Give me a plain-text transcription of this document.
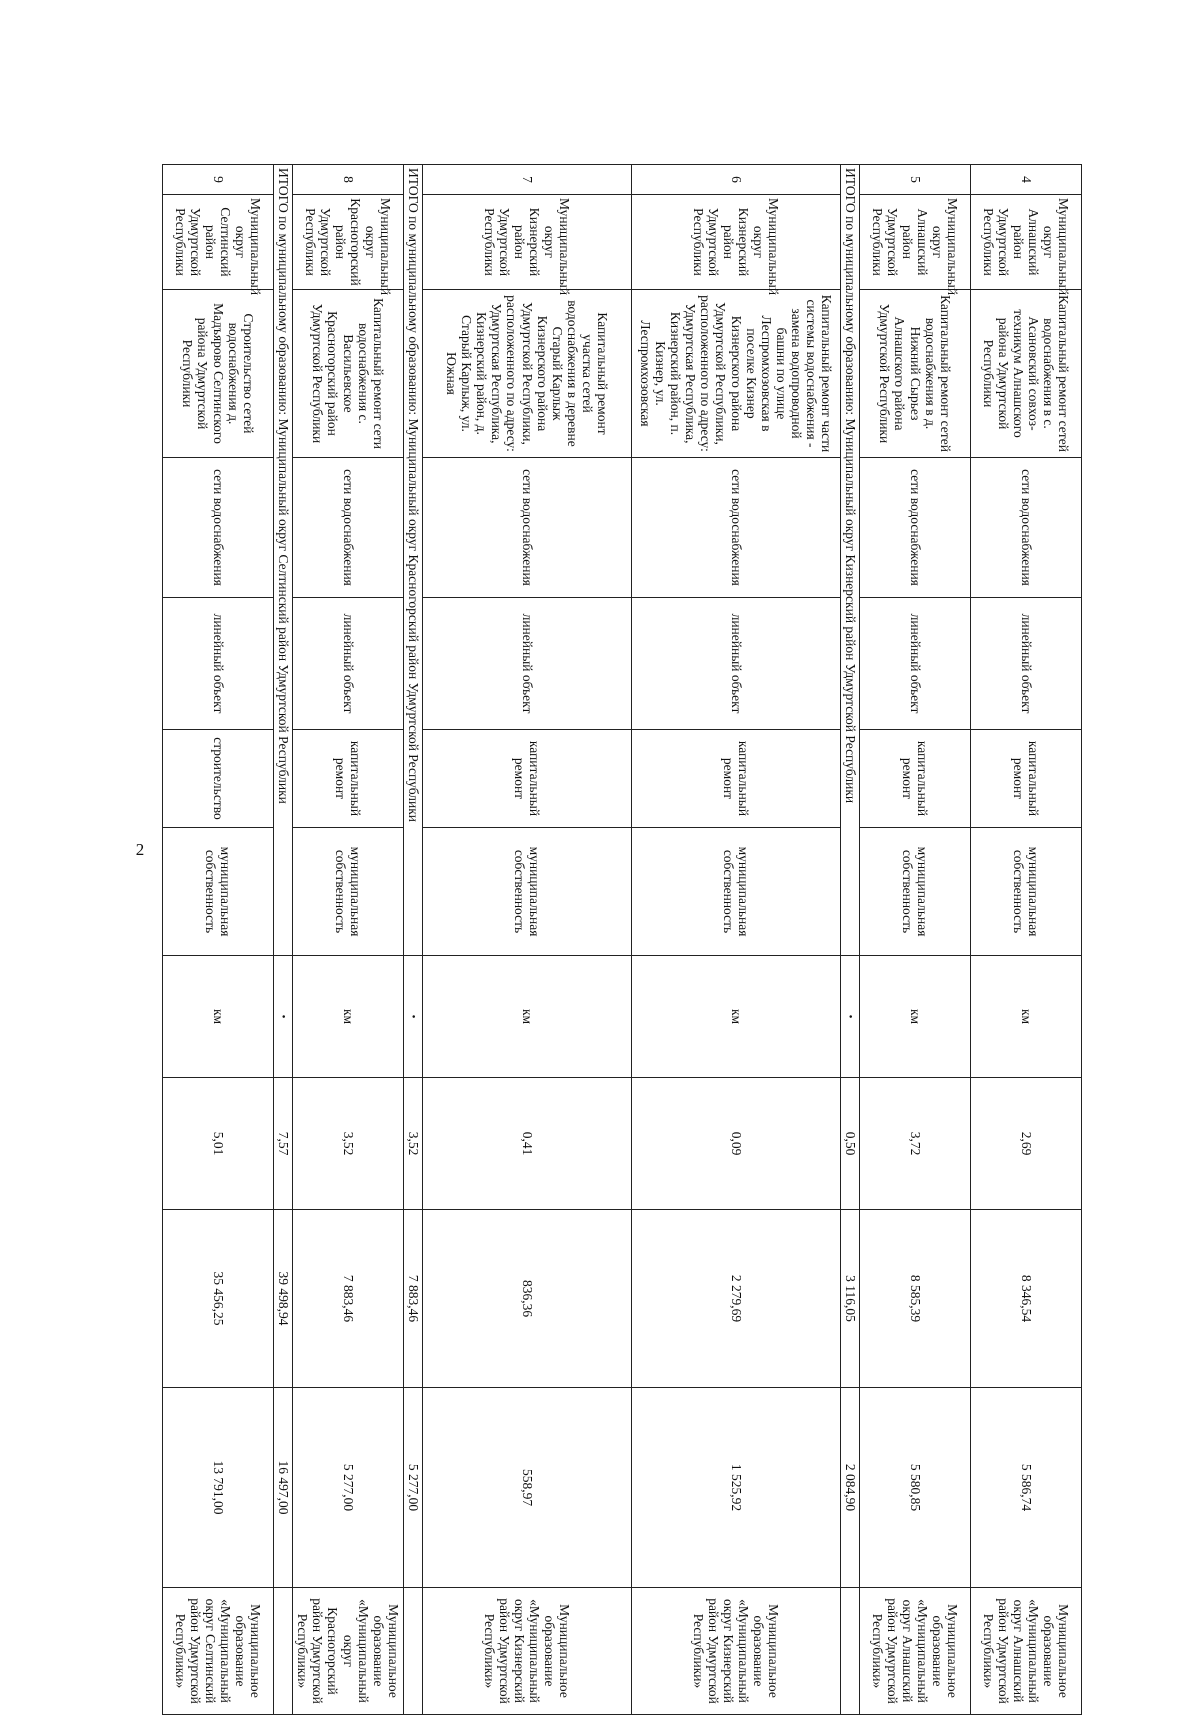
2
4	Муниципальный округ Алнашский район Удмуртской Республики	Капитальный ремонт сетей водоснабжения в с. Асановский совхоз-техникум Алнашского района Удмуртской Республики	сети водоснабжения	линейный объект	капитальный ремонт	муниципальная собственность	км	2,69	8 346,54	5 586,74	Муниципальное образование «Муниципальный округ Алнашский район Удмуртской Республики»
5	Муниципальный округ Алнашский район Удмуртской Республики	Капитальный ремонт сетей водоснабжения в д. Нижний Сырьез Алнашского района Удмуртской Республики	сети водоснабжения	линейный объект	капитальный ремонт	муниципальная собственность	км	3,72	8 585,39	5 580,85	Муниципальное образование «Муниципальный округ Алнашский район Удмуртской Республики»
ИТОГО по муниципальному образованию: Муниципальный округ Кизнерский район Удмуртской Республики							•	0,50	3 116,05	2 084,90	
6	Муниципальный округ Кизнерский район Удмуртской Республики	Капитальный ремонт части системы водоснабжения - замена водопроводной башни по улице Леспромхозовская в поселке Кизнер Кизнерского района Удмуртской Республики, расположенного по адресу: Удмуртская Республика, Кизнерский район, п. Кизнер, ул. Леспромхозовская	сети водоснабжения	линейный объект	капитальный ремонт	муниципальная собственность	км	0,09	2 279,69	1 525,92	Муниципальное образование «Муниципальный округ Кизнерский район Удмуртской Республики»
7	Муниципальный округ Кизнерский район Удмуртской Республики	Капитальный ремонт участка сетей водоснабжения в деревне Старый Карлыж Кизнерского района Удмуртской Республики, расположенного по адресу: Удмуртская Республика, Кизнерский район, д. Старый Карлыж, ул. Южная	сети водоснабжения	линейный объект	капитальный ремонт	муниципальная собственность	км	0,41	836,36	558,97	Муниципальное образование «Муниципальный округ Кизнерский район Удмуртской Республики»
ИТОГО по муниципальному образованию: Муниципальный округ Красногорский район Удмуртской Республики							•	3,52	7 883,46	5 277,00	
8	Муниципальный округ Красногорский район Удмуртской Республики	Капитальный ремонт сети водоснабжения с. Васильевское Красногорский район Удмуртской Республики	сети водоснабжения	линейный объект	капитальный ремонт	муниципальная собственность	км	3,52	7 883,46	5 277,00	Муниципальное образование «Муниципальный округ Красногорский район Удмуртской Республики»
ИТОГО по муниципальному образованию: Муниципальный округ Селтинский район Удмуртской Республики							•	7,57	39 498,94	16 497,00	
9	Муниципальный округ Селтинский район Удмуртской Республики	Строительство сетей водоснабжения д. Мадъярово Селтинского района Удмуртской Республики	сети водоснабжения	линейный объект	строительство	муниципальная собственность	км	5,01	35 456,25	13 791,00	Муниципальное образование «Муниципальный округ Селтинский район Удмуртской Республики»
